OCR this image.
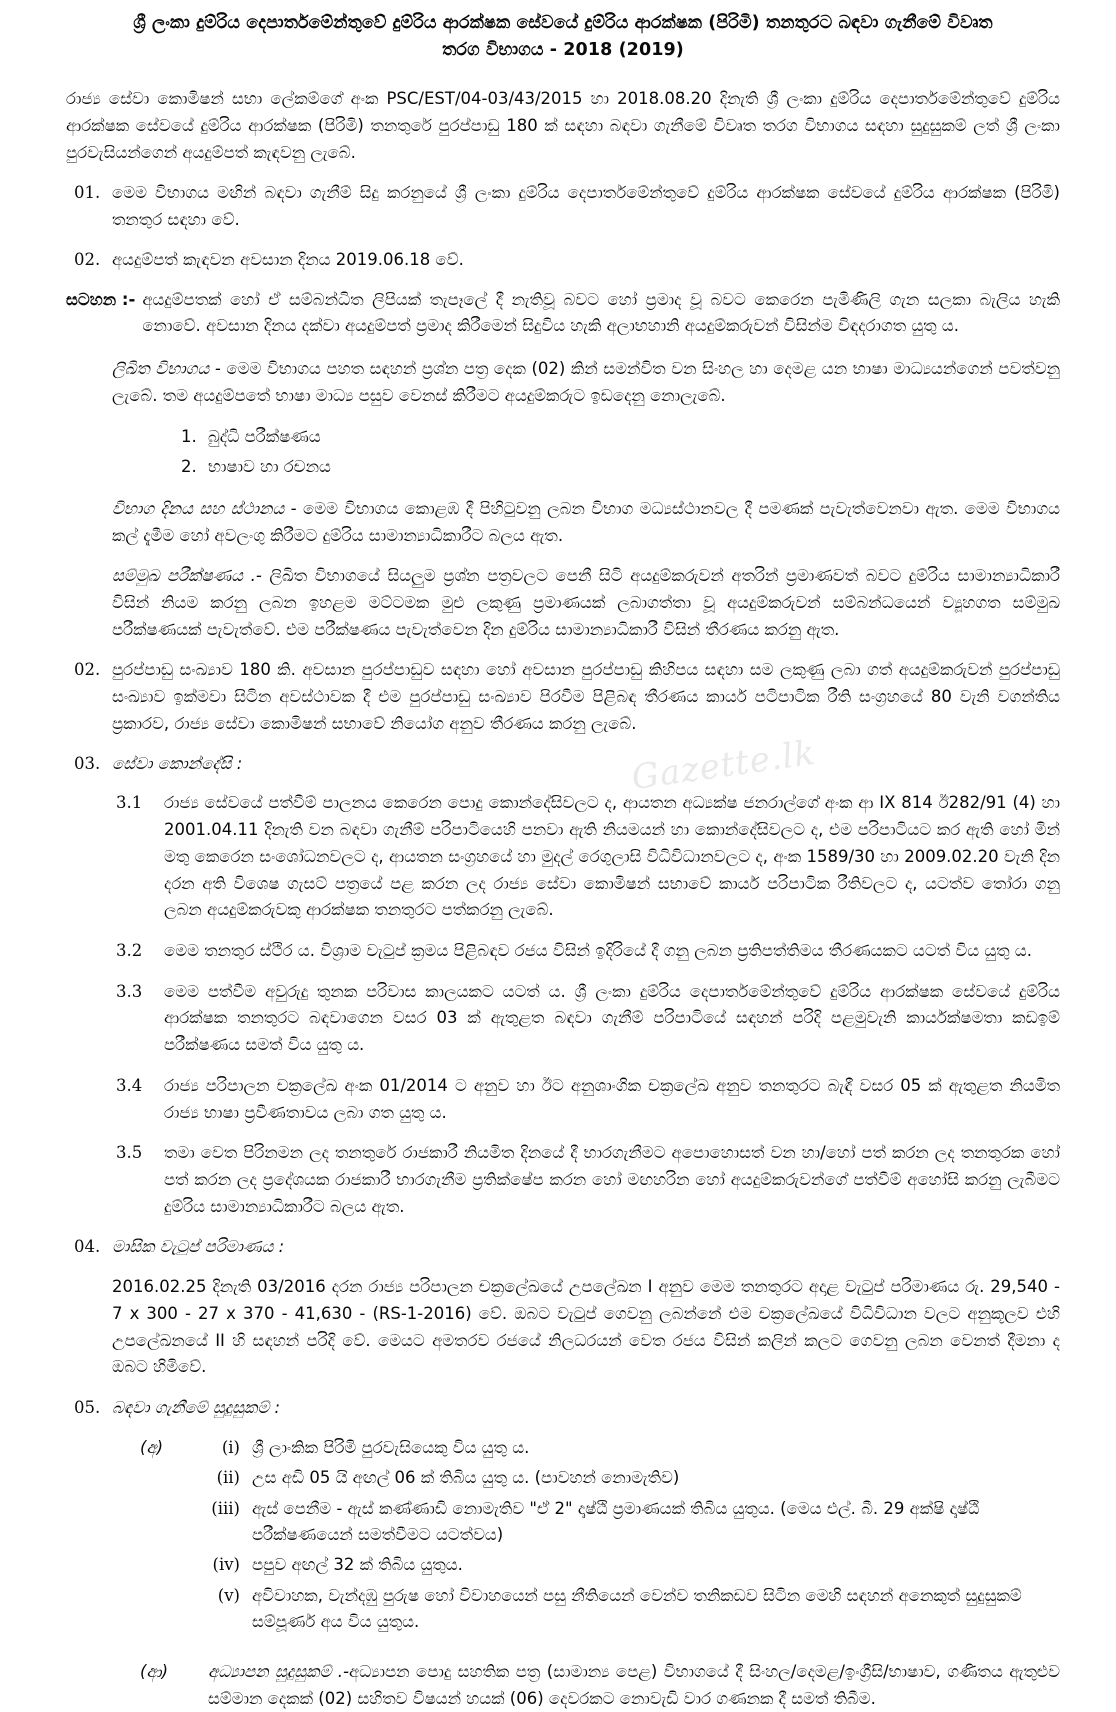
Gazette.lk
ශ්‍රී ලංකා දුම්රිය දෙපාර්තමේන්තුවේ දුම්රිය ආරක්ෂක සේවයේ දුම්රිය ආරක්ෂක (පිරිමි) තනතුරට බඳවා ගැනීමේ විවෘත
තරග විභාගය - 2018 (2019)

රාජ්‍ය සේවා කොමිෂන් සභා ලේකම්ගේ අංක PSC/EST/04-03/43/2015 හා 2018.08.20 දිනැති ශ්‍රී ලංකා දුම්රිය දෙපාර්තමේන්තුවේ දුම්රිය ආරක්ෂක සේවයේ දුම්රිය ආරක්ෂක (පිරිමි) තනතුරේ පුරප්පාඩු 180 ක් සඳහා බඳවා ගැනීමේ විවෘත තරග විභාගය සඳහා සුදුසුකම් ලත් ශ්‍රී ලංකා පුරවැසියන්ගෙන් අයදුම්පත් කැඳවනු ලැබේ.

01. මෙම විභාගය මඟින් බඳවා ගැනීම් සිදු කරනුයේ ශ්‍රී ලංකා දුම්රිය දෙපාර්තමේන්තුවේ දුම්රිය ආරක්ෂක සේවයේ දුම්රිය ආරක්ෂක (පිරිමි) තනතුර සඳහා වේ.
02. අයදුම්පත් කැඳවන අවසාන දිනය 2019.06.18 වේ.
සටහන :- අයදුම්පතක් හෝ ඒ සම්බන්ධිත ලිපියක් තැපෑලේ දී නැතිවූ බවට හෝ ප්‍රමාද වූ බවට කෙරෙන පැමිණිලි ගැන සලකා බැලිය හැකි නොවේ. අවසාන දිනය දක්වා අයදුම්පත් ප්‍රමාද කිරීමෙන් සිදුවිය හැකි අලාභහානි අයදුම්කරුවන් විසින්ම විඳදරාගත යුතු ය.
ලිඛිත විභාගය - මෙම විභාගය පහත සඳහන් ප්‍රශ්න පත්‍ර දෙක (02) කින් සමන්විත වන සිංහල හා දෙමළ යන භාෂා මාධ්‍යයන්ගෙන් පවත්වනු ලැබේ. තම අයදුම්පතේ භාෂා මාධ්‍ය පසුව වෙනස් කිරීමට අයදුම්කරුට ඉඩදෙනු නොලැබේ.
1. බුද්ධි පරීක්ෂණය
2. භාෂාව හා රචනය
විභාග දිනය සහ ස්ථානය - මෙම විභාගය කොළඹ දී පිහිටුවනු ලබන විභාග මධ්‍යස්ථානවල දී පමණක් පැවැත්වෙනවා ඇත. මෙම විභාගය කල් දැමීම හෝ අවලංගු කිරීමට දුම්රිය සාමාන්‍යාධිකාරීට බලය ඇත.
සම්මුඛ පරීක්ෂණය .- ලිඛිත විභාගයේ සියලුම ප්‍රශ්න පත්‍රවලට පෙනී සිටි අයදුම්කරුවන් අතරින් ප්‍රමාණවත් බවට දුම්රිය සාමාන්‍යාධිකාරී විසින් නියම කරනු ලබන ඉහළම මට්ටමක මුළු ලකුණු ප්‍රමාණයක් ලබාගත්තා වූ අයදුම්කරුවන් සම්බන්ධයෙන් ව්‍යූහගත සම්මුඛ පරීක්ෂණයක් පැවැත්වේ. එම පරීක්ෂණය පැවැත්වෙන දින දුම්රිය සාමාන්‍යාධිකාරී විසින් තීරණය කරනු ඇත.
02. පුරප්පාඩු සංඛ්‍යාව 180 කි. අවසාන පුරප්පාඩුව සඳහා හෝ අවසාන පුරප්පාඩු කිහිපය සඳහා සම ලකුණු ලබා ගත් අයදුම්කරුවන් පුරප්පාඩු සංඛ්‍යාව ඉක්මවා සිටින අවස්ථාවක දී එම පුරප්පාඩු සංඛ්‍යාව පිරවීම පිළිබඳ තීරණය කාර්ය පටිපාටික රීති සංග්‍රහයේ 80 වැනි වගන්තිය ප්‍රකාරව, රාජ්‍ය සේවා කොමිෂන් සභාවේ නියෝග අනුව තීරණය කරනු ලැබේ.
03. සේවා කොන්දේසි :
3.1	රාජ්‍ය සේවයේ පත්වීම් පාලනය කෙරෙන පොදු කොන්දේසිවලට ද, ආයතන අධ්‍යක්ෂ ජනරාල්ගේ අංක ආ IX 814 ඊ282/91 (4) හා 2001.04.11 දිනැති වන බඳවා ගැනීම් පරිපාටියෙහි පනවා ඇති නියමයන් හා කොන්දේසිවලට ද, එම පරිපාටියට කර ඇති හෝ මින් මතු කෙරෙන සංශෝධනවලට ද, ආයතන සංග්‍රහයේ හා මුදල් රෙගුලාසි විධිවිධානවලට ද, අංක 1589/30 හා 2009.02.20 වැනි දින දරන අති විශෙෂ ගැසට් පත්‍රයේ පළ කරන ලද රාජ්‍ය සේවා කොමිෂන් සභාවේ කාර්ය පරිපාටික රීතිවලට ද, යටත්ව තෝරා ගනු ලබන අයදුම්කරුවකු ආරක්ෂක තනතුරට පත්කරනු ලැබේ.
3.2	මෙම තනතුර ස්ථිර ය. විශ්‍රාම වැටුප් ක්‍රමය පිළිබඳව රජය විසින් ඉදිරියේ දී ගනු ලබන ප්‍රතිපත්තිමය තීරණයකට යටත් විය යුතු ය.
3.3	මෙම පත්වීම අවුරුදු තුනක පරිවාස කාලයකට යටත් ය. ශ්‍රී ලංකා දුම්රිය දෙපාර්තමේන්තුවේ දුම්රිය ආරක්ෂක සේවයේ දුම්රිය ආරක්ෂක තනතුරට බඳවාගෙන වසර 03 ක් ඇතුළත බඳවා ගැනීම් පරිපාටියේ සඳහන් පරිදි පළමුවැනි කාර්යක්ෂමතා කඩඉම් පරීක්ෂණය සමත් විය යුතු ය.
3.4	රාජ්‍ය පරිපාලන චක්‍රලේඛ අංක 01/2014 ට අනුව හා ඊට අනුශාංගික චක්‍රලේඛ අනුව තනතුරට බැඳී වසර 05 ක් ඇතුළත නියමිත රාජ්‍ය භාෂා ප්‍රවීණතාවය ලබා ගත යුතු ය.
3.5	තමා වෙත පිරිනමන ලද තනතුරේ රාජකාරී නියමිත දිනයේ දී භාරගැනීමට අපොහොසත් වන හා/හෝ පත් කරන ලද තනතුරක හෝ පත් කරන ලද ප්‍රදේශයක රාජකාරී භාරගැනීම ප්‍රතික්ෂේප කරන හෝ මඟහරින හෝ අයදුම්කරුවන්ගේ පත්වීම් අහෝසි කරනු ලැබීමට දුම්රිය සාමාන්‍යාධිකාරීට බලය ඇත.
04. මාසික වැටුප් පරිමාණය :
2016.02.25 දිනැති 03/2016 දරන රාජ්‍ය පරිපාලන චක්‍රලේඛයේ උපලේඛන I අනුව මෙම තනතුරට අදාළ වැටුප් පරිමාණය රු. 29,540 - 7 x 300 - 27 x 370 - 41,630 - (RS-1-2016) වේ. ඔබට වැටුප් ගෙවනු ලබන්නේ එම චක්‍රලේඛයේ විධිවිධාන වලට අනුකූලව එහි උපලේඛනයේ II හි සඳහන් පරිදි වේ. මෙයට අමතරව රජයේ නිලධරයන් වෙත රජය විසින් කලින් කලට ගෙවනු ලබන වෙනත් දීමනා ද ඔබට හිමිවේ.
05. බඳවා ගැනීමේ සුදුසුකම් :
(අ)	(i) ශ්‍රී ලාංකික පිරිමි පුරවැසියෙකු විය යුතු ය.
(ii) උස අඩි 05 යි අඟල් 06 ක් තිබිය යුතු ය. (පාවහන් නොමැතිව)
(iii) ඇස් පෙනීම - ඇස් කණ්ණාඩි නොමැතිව "ඒ 2" දෘෂ්ඨි ප්‍රමාණයක් තිබිය යුතුය. (මෙය එල්. බී. 29 අක්ෂි දෘෂ්ඨි පරීක්ෂණයෙන් සමත්වීමට යටත්වය)
(iv) පපුව අඟල් 32 ක් තිබිය යුතුය.
(v) අවිවාහක, වැන්දඹු පුරුෂ හෝ විවාහයෙන් පසු නීතියෙන් වෙන්ව තනිකඩව සිටින මෙහි සඳහන් අනෙකුත් සුදුසුකම් සම්පූර්ණ අය විය යුතුය.
(ආ)	අධ්‍යාපන සුදුසුකම් .-අධ්‍යාපන පොදු සහතික පත්‍ර (සාමාන්‍ය පෙළ) විභාගයේ දී සිංහල/දෙමළ/ඉංග්‍රීසි/භාෂාව, ගණිතය ඇතුළුව සම්මාන දෙකක් (02) සහිතව විෂයන් හයක් (06) දෙවරකට නොවැඩි වාර ගණනක දී සමත් තිබීම.
